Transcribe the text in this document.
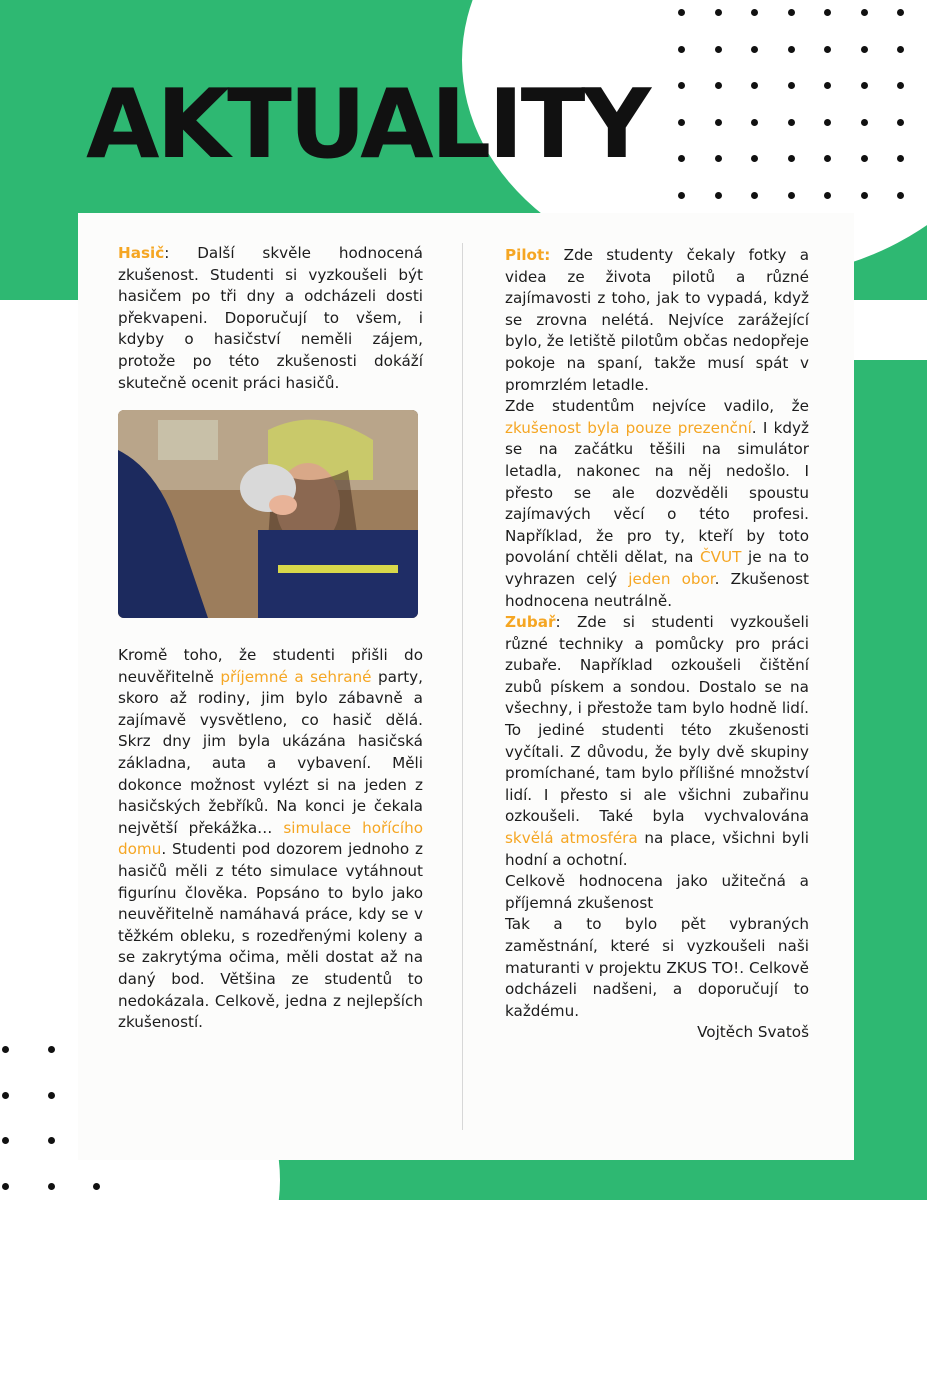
AKTUALITY

Hasič: Další skvěle hodnocená zkušenost. Studenti si vyzkoušeli být hasičem po tři dny a odcházeli dosti překvapeni. Doporučují to všem, i kdyby o hasičství neměli zájem, protože po této zkušenosti dokáží skutečně ocenit práci hasičů.

Kromě toho, že studenti přišli do neuvěřitelně příjemné a sehrané party, skoro až rodiny, jim bylo zábavně a zajímavě vysvětleno, co hasič dělá. Skrz dny jim byla ukázána hasičská základna, auta a vybavení. Měli dokonce možnost vylézt si na jeden z hasičských žebříků. Na konci je čekala největší překážka… simulace hořícího domu. Studenti pod dozorem jednoho z hasičů měli z této simulace vytáhnout figurínu člověka. Popsáno to bylo jako neuvěřitelně namáhavá práce, kdy se v těžkém obleku, s rozedřenými koleny a se zakrytýma očima, měli dostat až na daný bod. Většina ze studentů to nedokázala. Celkově, jedna z nejlepších zkušeností.

Pilot: Zde studenty čekaly fotky a videa ze života pilotů a různé zajímavosti z toho, jak to vypadá, když se zrovna nelétá. Nejvíce zarážející bylo, že letiště pilotům občas nedopřeje pokoje na spaní, takže musí spát v promrzlém letadle.

Zde studentům nejvíce vadilo, že zkušenost byla pouze prezenční. I když se na začátku těšili na simulátor letadla, nakonec na něj nedošlo. I přesto se ale dozvěděli spoustu zajímavých věcí o této profesi. Například, že pro ty, kteří by toto povolání chtěli dělat, na ČVUT je na to vyhrazen celý jeden obor. Zkušenost hodnocena neutrálně.

Zubař: Zde si studenti vyzkoušeli různé techniky a pomůcky pro práci zubaře. Například ozkoušeli čištění zubů pískem a sondou. Dostalo se na všechny, i přestože tam bylo hodně lidí. To jediné studenti této zkušenosti vyčítali. Z důvodu, že byly dvě skupiny promíchané, tam bylo přílišné množství lidí. I přesto si ale všichni zubařinu ozkoušeli. Také byla vychvalována skvělá atmosféra na place, všichni byli hodní a ochotní.

Celkově hodnocena jako užitečná a příjemná zkušenost

Tak a to bylo pět vybraných zaměstnání, které si vyzkoušeli naši maturanti v projektu ZKUS TO!. Celkově odcházeli nadšeni, a doporučují to každému.

Vojtěch Svatoš
